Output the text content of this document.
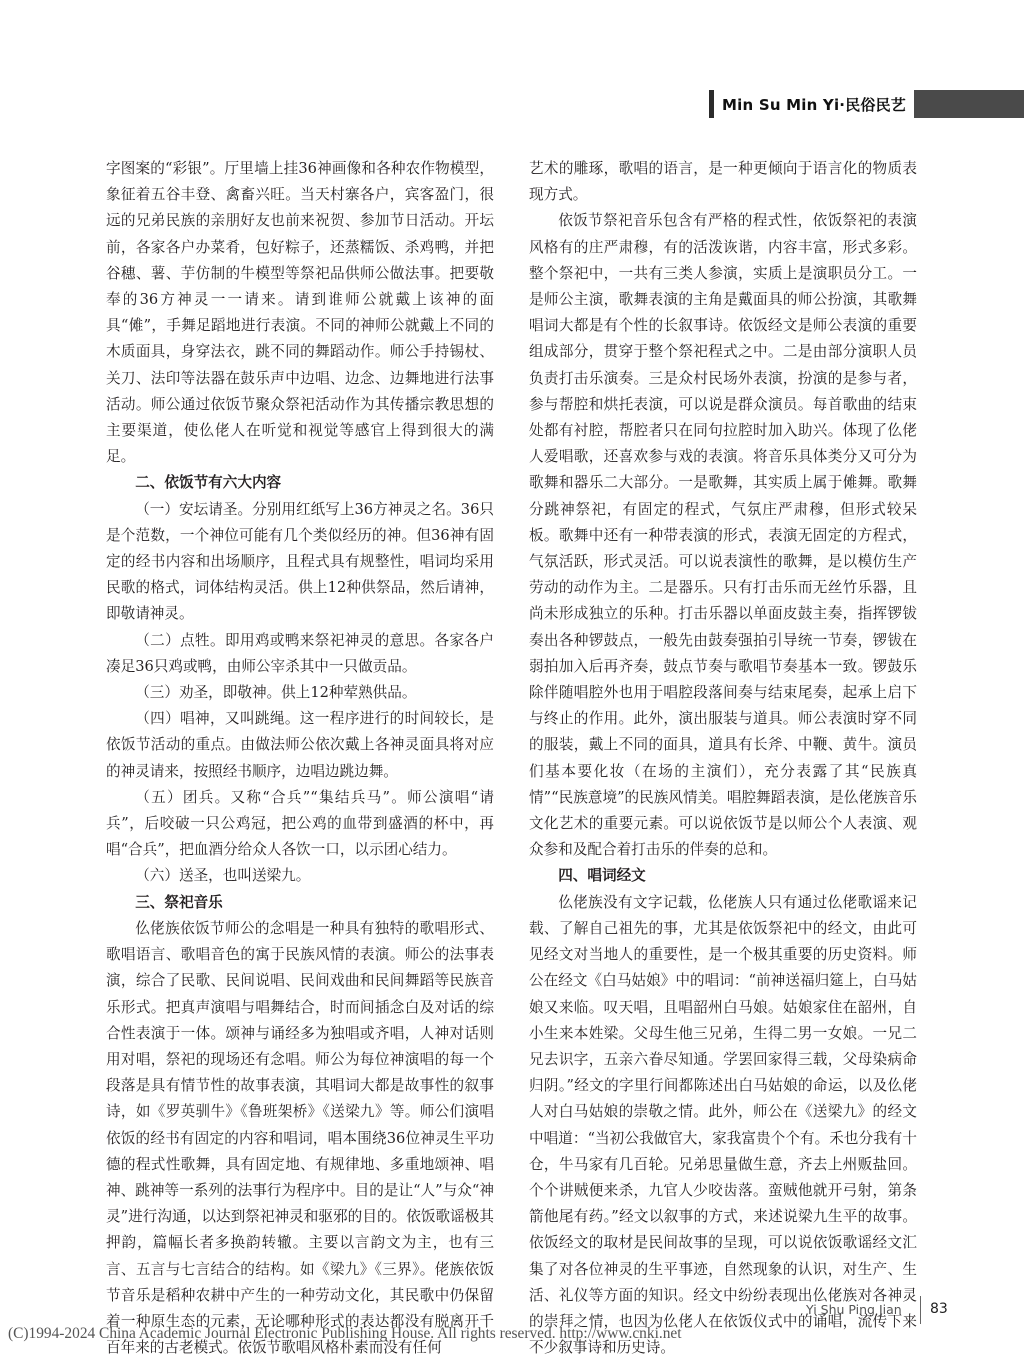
Min Su Min Yi·民俗民艺

字图案的“彩银”。厅里墙上挂36神画像和各种农作物模型，象征着五谷丰登、禽畜兴旺。当天村寨各户，宾客盈门，很远的兄弟民族的亲朋好友也前来祝贺、参加节日活动。开坛前，各家各户办菜肴，包好粽子，还蒸糯饭、杀鸡鸭，并把谷穗、薯、芋仿制的牛模型等祭祀品供师公做法事。把要敬奉的36方神灵一一请来。请到谁师公就戴上该神的面具“傩”，手舞足蹈地进行表演。不同的神师公就戴上不同的木质面具，身穿法衣，跳不同的舞蹈动作。师公手持锡杖、关刀、法印等法器在鼓乐声中边唱、边念、边舞地进行法事活动。师公通过依饭节聚众祭祀活动作为其传播宗教思想的主要渠道，使仫佬人在听觉和视觉等感官上得到很大的满足。

二、依饭节有六大内容

（一）安坛请圣。分别用红纸写上36方神灵之名。36只是个范数，一个神位可能有几个类似经历的神。但36神有固定的经书内容和出场顺序，且程式具有规整性，唱词均采用民歌的格式，词体结构灵活。供上12种供祭品，然后请神，即敬请神灵。

（二）点牲。即用鸡或鸭来祭祀神灵的意思。各家各户凑足36只鸡或鸭，由师公宰杀其中一只做贡品。

（三）劝圣，即敬神。供上12种荤熟供品。

（四）唱神，又叫跳绳。这一程序进行的时间较长，是依饭节活动的重点。由做法师公依次戴上各神灵面具将对应的神灵请来，按照经书顺序，边唱边跳边舞。

（五）团兵。又称“合兵”“集结兵马”。师公演唱“请兵”，后咬破一只公鸡冠，把公鸡的血带到盛酒的杯中，再唱“合兵”，把血酒分给众人各饮一口，以示团心结力。

（六）送圣，也叫送梁九。

三、祭祀音乐

仫佬族依饭节师公的念唱是一种具有独特的歌唱形式、歌唱语言、歌唱音色的寓于民族风情的表演。师公的法事表演，综合了民歌、民间说唱、民间戏曲和民间舞蹈等民族音乐形式。把真声演唱与唱舞结合，时而间插念白及对话的综合性表演于一体。颂神与诵经多为独唱或齐唱，人神对话则用对唱，祭祀的现场还有念唱。师公为每位神演唱的每一个段落是具有情节性的故事表演，其唱词大都是故事性的叙事诗，如《罗英驯牛》《鲁班架桥》《送梁九》等。师公们演唱依饭的经书有固定的内容和唱词，唱本围绕36位神灵生平功德的程式性歌舞，具有固定地、有规律地、多重地颂神、唱神、跳神等一系列的法事行为程序中。目的是让“人”与众“神灵”进行沟通，以达到祭祀神灵和驱邪的目的。依饭歌谣极其押韵，篇幅长者多换韵转辙。主要以言韵文为主，也有三言、五言与七言结合的结构。如《梁九》《三界》。佬族依饭节音乐是稻种农耕中产生的一种劳动文化，其民歌中仍保留着一种原生态的元素，无论哪种形式的表达都没有脱离开千百年来的古老模式。依饭节歌唱风格朴素而没有任何

艺术的雕琢，歌唱的语言，是一种更倾向于语言化的物质表现方式。

依饭节祭祀音乐包含有严格的程式性，依饭祭祀的表演风格有的庄严肃穆，有的活泼诙谐，内容丰富，形式多彩。整个祭祀中，一共有三类人参演，实质上是演职员分工。一是师公主演，歌舞表演的主角是戴面具的师公扮演，其歌舞唱词大都是有个性的长叙事诗。依饭经文是师公表演的重要组成部分，贯穿于整个祭祀程式之中。二是由部分演职人员负责打击乐演奏。三是众村民场外表演，扮演的是参与者，参与帮腔和烘托表演，可以说是群众演员。每首歌曲的结束处都有衬腔，帮腔者只在同句拉腔时加入助兴。体现了仫佬人爱唱歌，还喜欢参与戏的表演。将音乐具体类分又可分为歌舞和器乐二大部分。一是歌舞，其实质上属于傩舞。歌舞分跳神祭祀，有固定的程式，气氛庄严肃穆，但形式较呆板。歌舞中还有一种带表演的形式，表演无固定的方程式，气氛活跃，形式灵活。可以说表演性的歌舞，是以模仿生产劳动的动作为主。二是器乐。只有打击乐而无丝竹乐器，且尚未形成独立的乐种。打击乐器以单面皮鼓主奏，指挥锣钹奏出各种锣鼓点，一般先由鼓奏强拍引导统一节奏，锣钹在弱拍加入后再齐奏，鼓点节奏与歌唱节奏基本一致。锣鼓乐除伴随唱腔外也用于唱腔段落间奏与结束尾奏，起承上启下与终止的作用。此外，演出服装与道具。师公表演时穿不同的服装，戴上不同的面具，道具有长斧、中鞭、黄牛。演员们基本要化妆（在场的主演们），充分表露了其“民族真情”“民族意境”的民族风情美。唱腔舞蹈表演，是仫佬族音乐文化艺术的重要元素。可以说依饭节是以师公个人表演、观众参和及配合着打击乐的伴奏的总和。

四、唱词经文

仫佬族没有文字记载，仫佬族人只有通过仫佬歌谣来记载、了解自己祖先的事，尤其是依饭祭祀中的经文，由此可见经文对当地人的重要性，是一个极其重要的历史资料。师公在经文《白马姑娘》中的唱词：“前神送福归筵上，白马姑娘又来临。叹天唱，且唱韶州白马娘。姑娘家住在韶州，自小生来本姓梁。父母生他三兄弟，生得二男一女娘。一兄二兄去识字，五亲六眷尽知通。学罢回家得三载，父母染病命归阴。”经文的字里行间都陈述出白马姑娘的命运，以及仫佬人对白马姑娘的崇敬之情。此外，师公在《送梁九》的经文中唱道：“当初公我做官大，家我富贵个个有。禾也分我有十仓，牛马家有几百轮。兄弟思量做生意，齐去上州贩盐回。个个讲贼便来杀，九官人少咬齿落。蛮贼他就开弓射，第条箭他尾有药。”经文以叙事的方式，来述说梁九生平的故事。依饭经文的取材是民间故事的呈现，可以说依饭歌谣经文汇集了对各位神灵的生平事迹，自然现象的认识，对生产、生活、礼仪等方面的知识。经文中纷纷表现出仫佬族对各神灵的崇拜之情，也因为仫佬人在依饭仪式中的诵唱，流传下来不少叙事诗和历史诗。

Yi Shu Ping Jian 83
(C)1994-2024 China Academic Journal Electronic Publishing House. All rights reserved. http://www.cnki.net
